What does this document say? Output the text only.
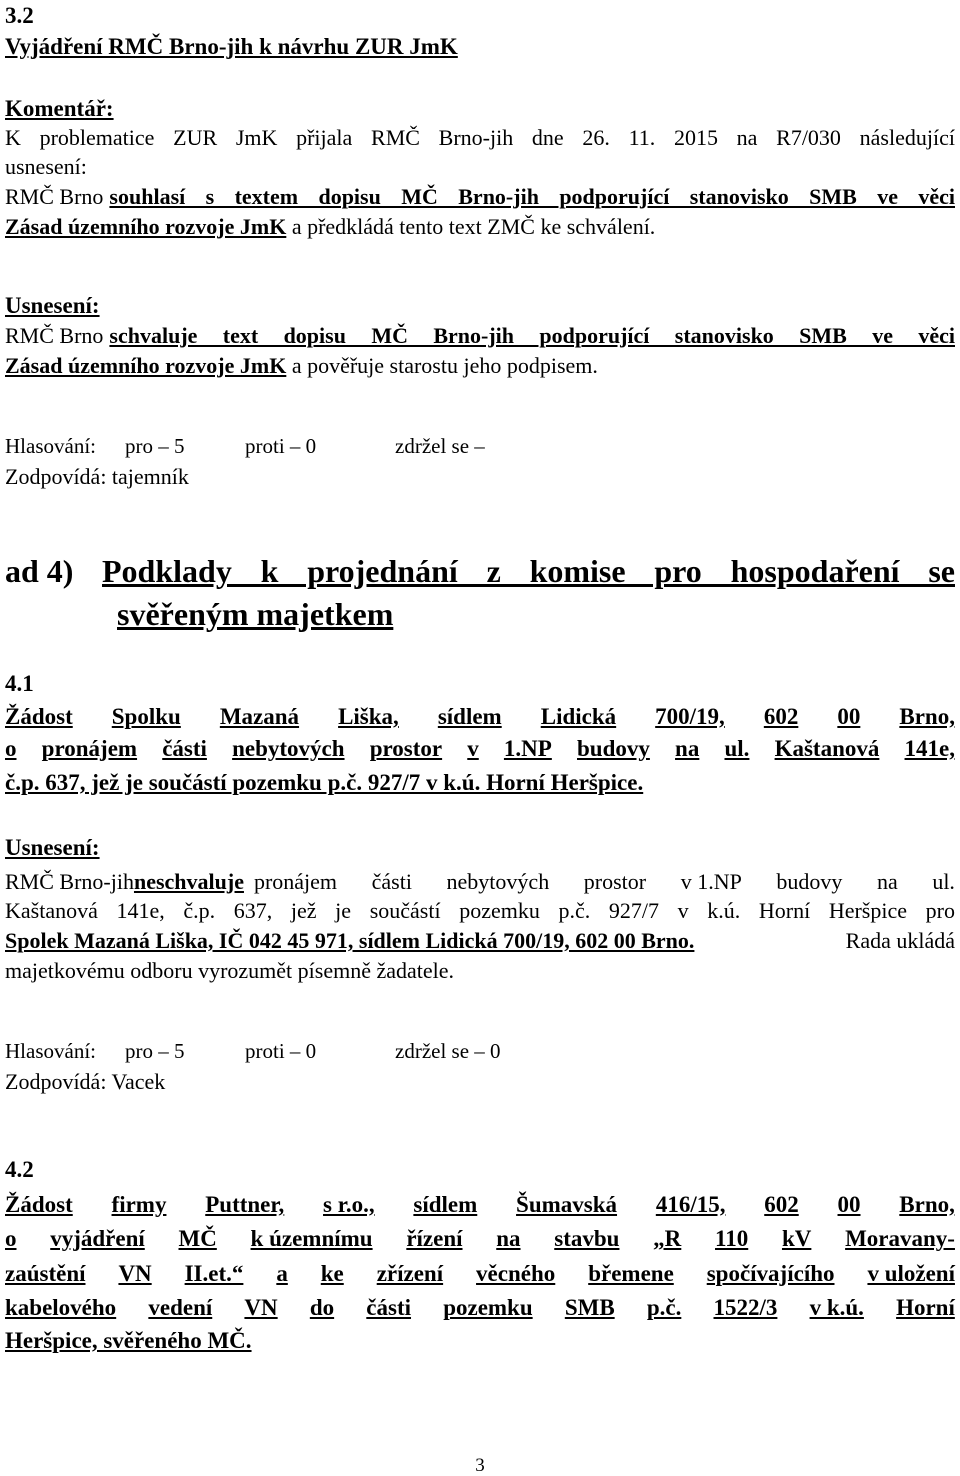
3.2
Vyjádření RMČ Brno-jih k návrhu ZUR JmK
Komentář:
K problematice ZUR JmK přijala RMČ Brno-jih dne 26. 11. 2015 na R7/030 následující
usnesení:
RMČ Brno souhlasí s textem dopisu MČ Brno-jih podporující stanovisko SMB ve věci
Zásad územního rozvoje JmK a předkládá tento text ZMČ ke schválení.
Usnesení:
RMČ Brno schvaluje text dopisu MČ Brno-jih podporující stanovisko SMB ve věci
Zásad územního rozvoje JmK a pověřuje starostu jeho podpisem.
Hlasování: pro – 5	proti – 0	zdržel se –
Zodpovídá: tajemník
ad 4) Podklady k projednání z komise pro hospodaření se
svěřeným majetkem
4.1
Žádost Spolku Mazaná Liška, sídlem Lidická 700/19, 602 00 Brno,
o pronájem části nebytových prostor v 1.NP budovy na ul. Kaštanová 141e,
č.p. 637, jež je součástí pozemku p.č. 927/7 v k.ú. Horní Heršpice.
Usnesení:
RMČ Brno-jih neschvaluje pronájem části nebytových prostor v 1.NP budovy na ul.
Kaštanová 141e, č.p. 637, jež je součástí pozemku p.č. 927/7 v k.ú. Horní Heršpice pro
Spolek Mazaná Liška, IČ 042 45 971, sídlem Lidická 700/19, 602 00 Brno.	Rada ukládá
majetkovému odboru vyrozumět písemně žadatele.
Hlasování: pro – 5	proti – 0	zdržel se – 0
Zodpovídá: Vacek
4.2
Žádost firmy Puttner, s r.o., sídlem Šumavská 416/15, 602 00 Brno,
o vyjádření MČ k územnímu řízení na stavbu „R 110 kV Moravany-
zaústění VN II.et.“ a ke zřízení věcného břemene spočívajícího v uložení
kabelového vedení VN do části pozemku SMB p.č. 1522/3 v k.ú. Horní
Heršpice, svěřeného MČ.
3
